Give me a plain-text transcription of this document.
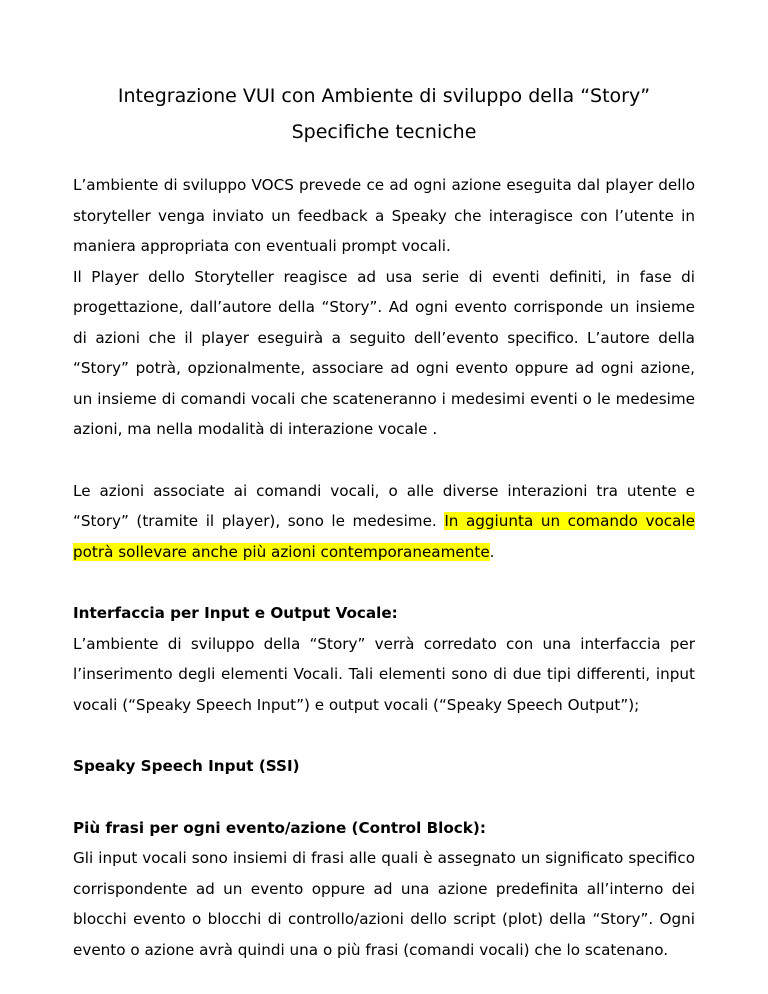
Integrazione VUI con Ambiente di sviluppo della “Story”
Specifiche tecniche

L’ambiente di sviluppo VOCS prevede ce ad ogni azione eseguita dal player dello storyteller venga inviato un feedback a Speaky che interagisce con l’utente in maniera appropriata con eventuali prompt vocali.

Il Player dello Storyteller reagisce ad usa serie di eventi definiti, in fase di progettazione, dall’autore della “Story”. Ad ogni evento corrisponde un insieme di azioni che il player eseguirà a seguito dell’evento specifico. L’autore della “Story” potrà, opzionalmente, associare ad ogni evento oppure ad ogni azione, un insieme di comandi vocali che scateneranno i medesimi eventi o le medesime azioni, ma nella modalità di interazione vocale .

Le azioni associate ai comandi vocali, o alle diverse interazioni tra utente e “Story” (tramite il player), sono le medesime. In aggiunta un comando vocale potrà sollevare anche più azioni contemporaneamente.

Interfaccia per Input e Output Vocale:

L’ambiente di sviluppo della “Story” verrà corredato con una interfaccia per l’inserimento degli elementi Vocali. Tali elementi sono di due tipi differenti, input vocali (“Speaky Speech Input”) e output vocali (“Speaky Speech Output”);

Speaky Speech Input (SSI)

Più frasi per ogni evento/azione (Control Block):

Gli input vocali sono insiemi di frasi alle quali è assegnato un significato specifico corrispondente ad un evento oppure ad una azione predefinita all’interno dei blocchi evento o blocchi di controllo/azioni dello script (plot) della “Story”. Ogni evento o azione avrà quindi una o più frasi (comandi vocali) che lo scatenano.
